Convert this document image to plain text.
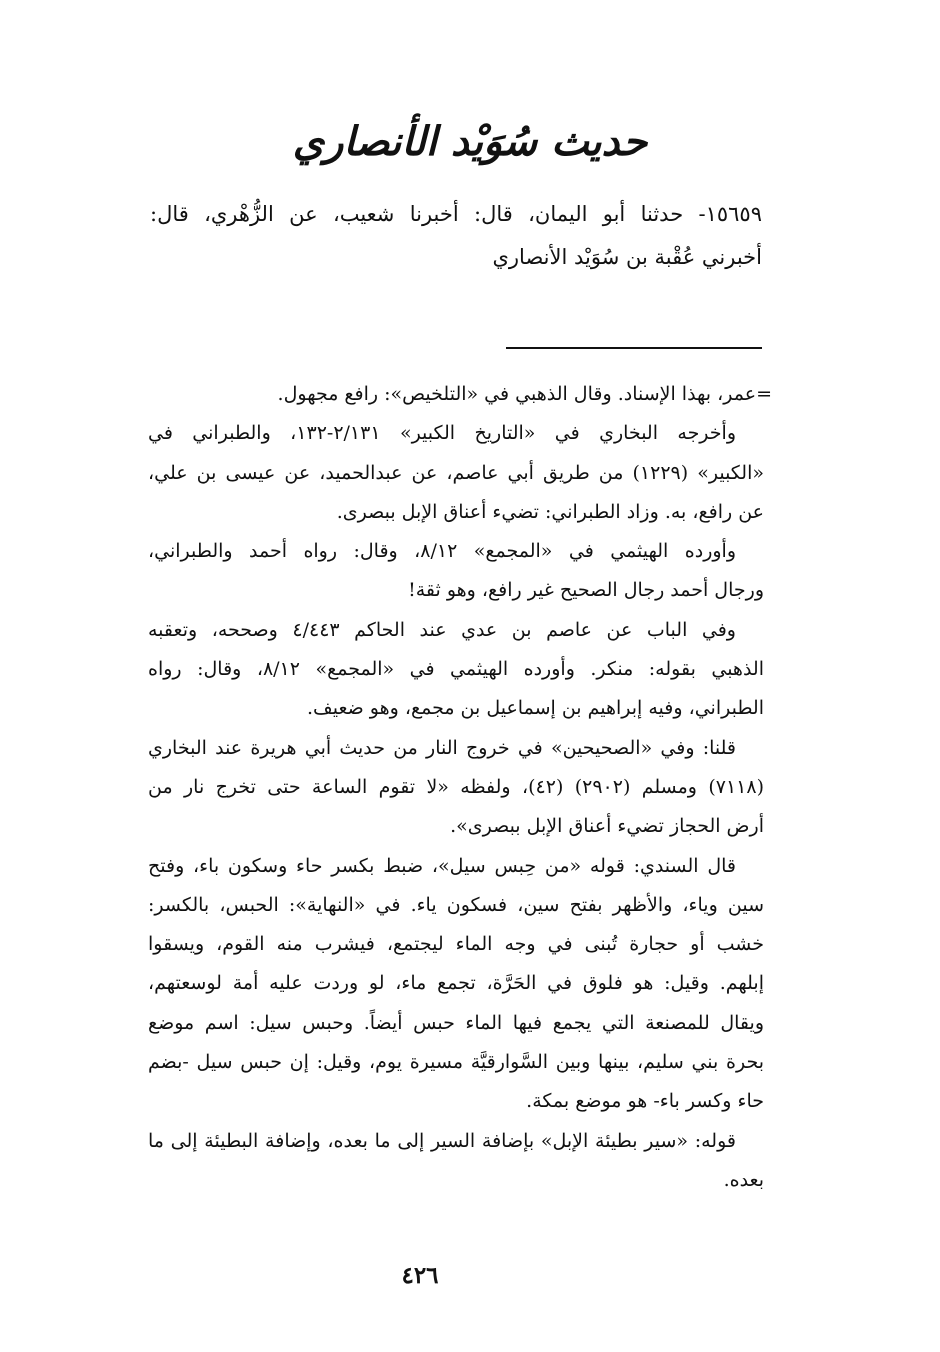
حديث سُوَيْد الأنصاري
١٥٦٥٩- حدثنا أبو اليمان، قال: أخبرنا شعيب، عن الزُّهْري، قال:
أخبرني عُقْبة بن سُوَيْد الأنصاري
=عمر، بهذا الإسناد. وقال الذهبي في «التلخيص»: رافع مجهول.
وأخرجه البخاري في «التاريخ الكبير» ٢/١٣١-١٣٢، والطبراني في
«الكبير» (١٢٢٩) من طريق أبي عاصم، عن عبدالحميد، عن عيسى بن علي،
عن رافع، به. وزاد الطبراني: تضيء أعناق الإبل ببصرى.
وأورده الهيثمي في «المجمع» ٨/١٢، وقال: رواه أحمد والطبراني،
ورجال أحمد رجال الصحيح غير رافع، وهو ثقة!
وفي الباب عن عاصم بن عدي عند الحاكم ٤/٤٤٣ وصححه، وتعقبه
الذهبي بقوله: منكر. وأورده الهيثمي في «المجمع» ٨/١٢، وقال: رواه
الطبراني، وفيه إبراهيم بن إسماعيل بن مجمع، وهو ضعيف.
قلنا: وفي «الصحيحين» في خروج النار من حديث أبي هريرة عند البخاري
(٧١١٨) ومسلم (٢٩٠٢) (٤٢)، ولفظه «لا تقوم الساعة حتى تخرج نار من
أرض الحجاز تضيء أعناق الإبل ببصرى».
قال السندي: قوله «من حِبس سيل»، ضبط بكسر حاء وسكون باء، وفتح
سين وياء، والأظهر بفتح سين، فسكون ياء. في «النهاية»: الحبس، بالكسر:
خشب أو حجارة تُبنى في وجه الماء ليجتمع، فيشرب منه القوم، ويسقوا
إبلهم. وقيل: هو فلوق في الحَرَّة، تجمع ماء، لو وردت عليه أمة لوسعتهم،
ويقال للمصنعة التي يجمع فيها الماء حبس أيضاً. وحبس سيل: اسم موضع
بحرة بني سليم، بينها وبين السَّوارقيَّة مسيرة يوم، وقيل: إن حبس سيل -بضم
حاء وكسر باء- هو موضع بمكة.
قوله: «سير بطيئة الإبل» بإضافة السير إلى ما بعده، وإضافة البطيئة إلى ما
بعده.
٤٢٦
